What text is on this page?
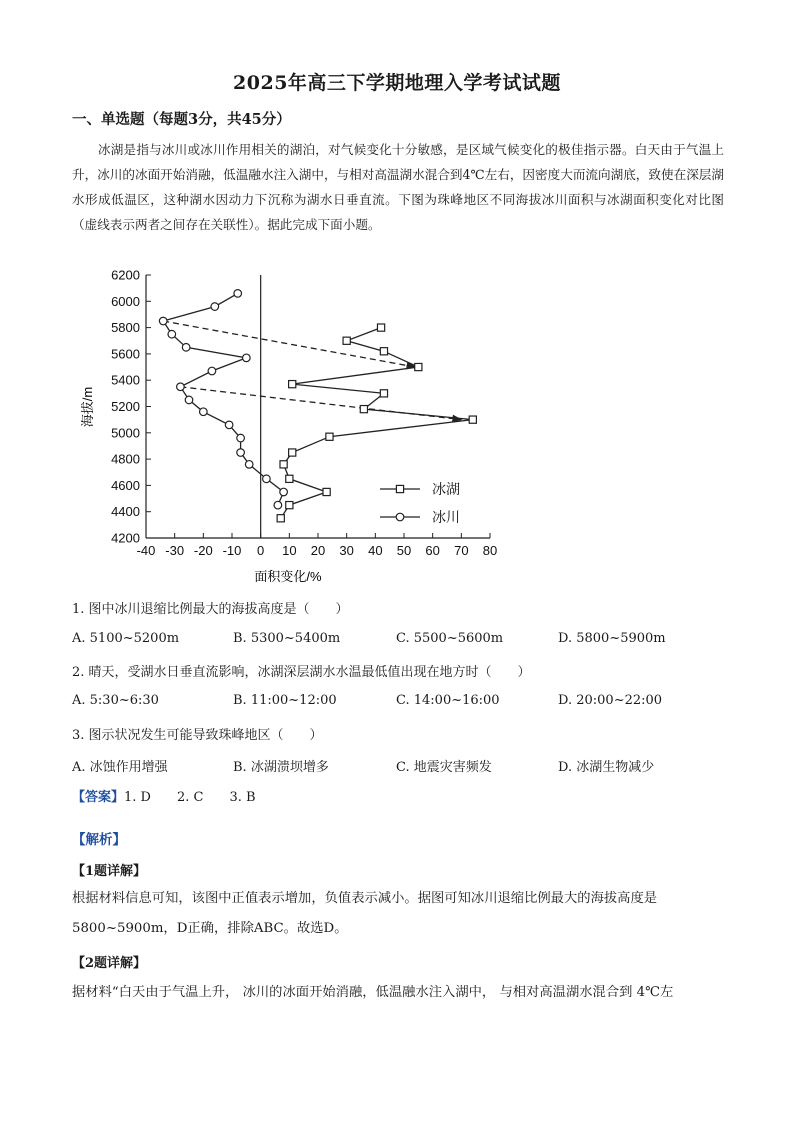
2025年高三下学期地理入学考试试题
一、单选题（每题3分，共45分）

冰湖是指与冰川或冰川作用相关的湖泊，对气候变化十分敏感，是区域气候变化的极佳指示器。白天由于气温上升，冰川的冰面开始消融，低温融水注入湖中，与相对高温湖水混合到4℃左右，因密度大而流向湖底，致使在深层湖水形成低温区，这种湖水因动力下沉称为湖水日垂直流。下图为珠峰地区不同海拔冰川面积与冰湖面积变化对比图（虚线表示两者之间存在关联性）。据此完成下面小题。

6200
6000
5800
5600
5400
5200
5000
4800
4600
4400
4200
-40 -30 -20 -10 0 10 20 30 40 50 60 70 80
冰湖
冰川
面积变化/%
海拔/m
1. 图中冰川退缩比例最大的海拔高度是（　　）
A. 5100~5200m	B. 5300~5400m	C. 5500~5600m	D. 5800~5900m
2. 晴天，受湖水日垂直流影响，冰湖深层湖水水温最低值出现在地方时（　　）
A. 5:30~6:30	B. 11:00~12:00	C. 14:00~16:00	D. 20:00~22:00
3. 图示状况发生可能导致珠峰地区（　　）
A. 冰蚀作用增强	B. 冰湖溃坝增多	C. 地震灾害频发	D. 冰湖生物减少
【答案】1. D　　2. C　　3. B
【解析】
【1题详解】

根据材料信息可知，该图中正值表示增加，负值表示减小。据图可知冰川退缩比例最大的海拔高度是

5800~5900m，D正确，排除ABC。故选D。

【2题详解】

据材料“白天由于气温上升， 冰川的冰面开始消融，低温融水注入湖中， 与相对高温湖水混合到 4℃左
